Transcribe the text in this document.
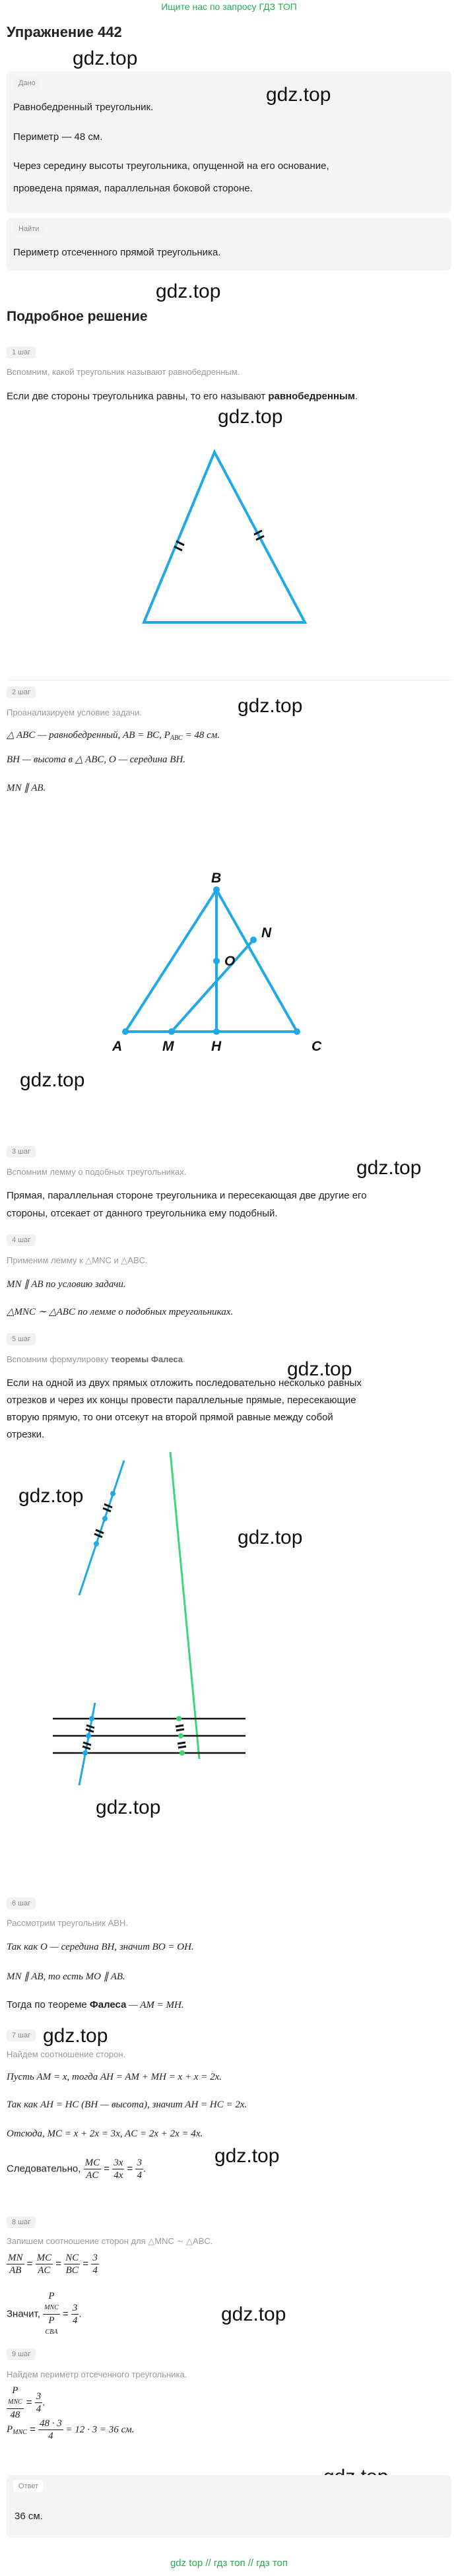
Ищите нас по запросу ГДЗ ТОП
Упражнение 442
gdz.top
Дано
gdz.top
Равнобедренный треугольник.
Периметр — 48 см.
Через середину высоты треугольника, опущенной на его основание,
проведена прямая, параллельная боковой стороне.
Найти
Периметр отсеченного прямой треугольника.
gdz.top
Подробное решение
1 шаг
Вспомним, какой треугольник называют равнобедренным.
Если две стороны треугольника равны, то его называют равнобедренным.
gdz.top
2 шаг
gdz.top
Проанализируем условие задачи.
△ ABC — равнобедренный, AB = BC, $P_{ABC} = 48$ см.
BH — высота в △ ABC, O — середина BH.
MN ∥ AB.
A	M	H	C
B
N
O
gdz.top
gdz.top
3 шаг
Вспомним лемму о подобных треугольниках.
Прямая, параллельная стороне треугольника и пересекающая две другие его
стороны, отсекает от данного треугольника ему подобный.
4 шаг
Применим лемму к △MNC и △ABC.
MN ∥ AB по условию задачи.
△MNC ∼ △ABC по лемме о подобных треугольниках.
5 шаг
Вспомним формулировку теоремы Фалеса.	gdz.top
Если на одной из двух прямых отложить последовательно несколько равных
отрезков и через их концы провести параллельные прямые, пересекающие
вторую прямую, то они отсекут на второй прямой равные между собой
отрезки.
gdz.top
gdz.top
gdz.top
6 шаг
Рассмотрим треугольник ABH.
Так как O — середина BH, значит BO = OH.
MN ∥ AB, то есть MO ∥ AB.
Тогда по теореме Фалеса — AM = MH.
7 шаг gdz.top
Найдем соотношение сторон.
Пусть AM = x, тогда AH = AM + MH = x + x = 2x.
Так как AH = HC (BH — высота), значит AH = HC = 2x.
Отсюда, MC = x + 2x = 3x, AC = 2x + 2x = 4x.
gdz.top
Следовательно, $\frac{MC}{AC} = \frac{3x}{4x} = \frac{3}{4}$ .
8 шаг
Запишем соотношение сторон для △MNC ∼ △ABC.
$\frac{MN}{AB} = \frac{MC}{AC} = \frac{NC}{BC} = \frac{3}{4}$
Значит, P
MNC
P
CBA = $\frac{3}{4}$ .	gdz.top
9 шаг
Найдем периметр отсеченного треугольника.
P
MNC
$48 = \frac{3}{4}$ .
$P_{MNC} = \frac{48 \cdot 3}{4} = 12 \cdot 3 = 36$ см.
Ответ
36 см.
gdz top // гдз топ // гдз топ
